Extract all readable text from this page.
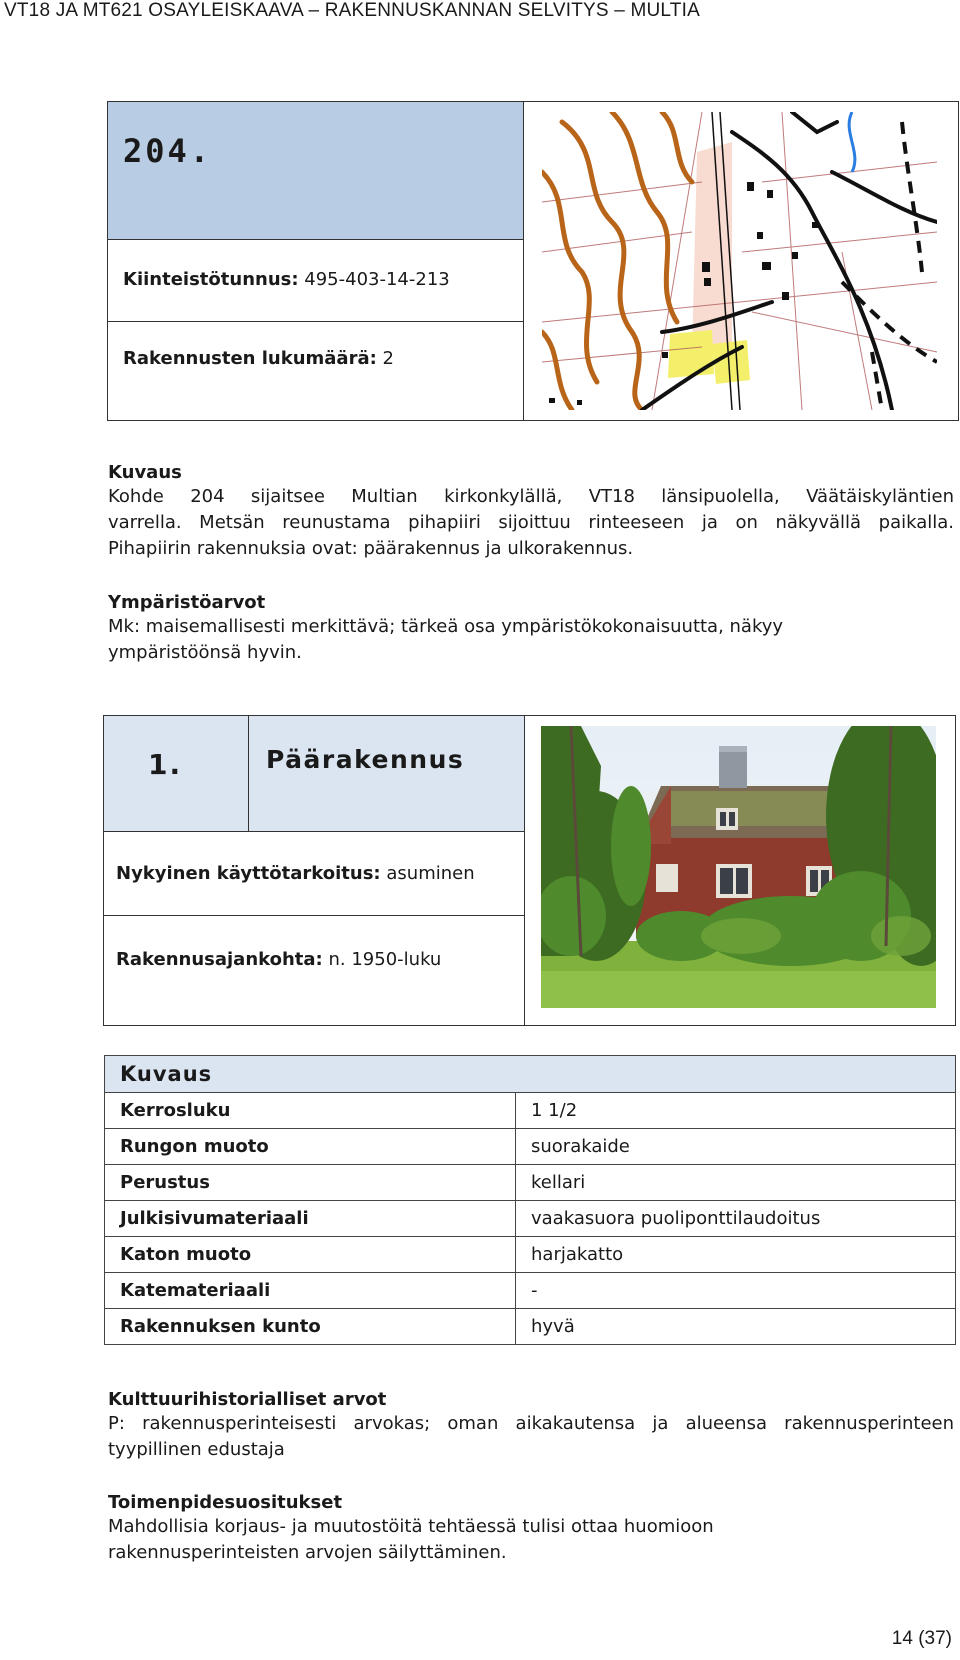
VT18 JA MT621 OSAYLEISKAAVA – RAKENNUSKANNAN SELVITYS – MULTIA
204.
Kiinteistötunnus: 495-403-14-213
Rakennusten lukumäärä: 2
Kuvaus
Kohde 204 sijaitsee Multian kirkonkylällä, VT18 länsipuolella, Väätäiskyläntien
varrella. Metsän reunustama pihapiiri sijoittuu rinteeseen ja on näkyvällä paikalla.
Pihapiirin rakennuksia ovat: päärakennus ja ulkorakennus.
Ympäristöarvot
Mk: maisemallisesti merkittävä; tärkeä osa ympäristökokonaisuutta, näkyy
ympäristöönsä hyvin.
1.	Päärakennus
Nykyinen käyttötarkoitus: asuminen
Rakennusajankohta: n. 1950-luku
Kuvaus	
Kerrosluku	1 1/2
Rungon muoto	suorakaide
Perustus	kellari
Julkisivumateriaali	vaakasuora puoliponttilaudoitus
Katon muoto	harjakatto
Katemateriaali	-
Rakennuksen kunto	hyvä
Kulttuurihistorialliset arvot
P: rakennusperinteisesti arvokas; oman aikakautensa ja alueensa rakennusperinteen
tyypillinen edustaja
Toimenpidesuositukset
Mahdollisia korjaus- ja muutostöitä tehtäessä tulisi ottaa huomioon
rakennusperinteisten arvojen säilyttäminen.
14 (37)
